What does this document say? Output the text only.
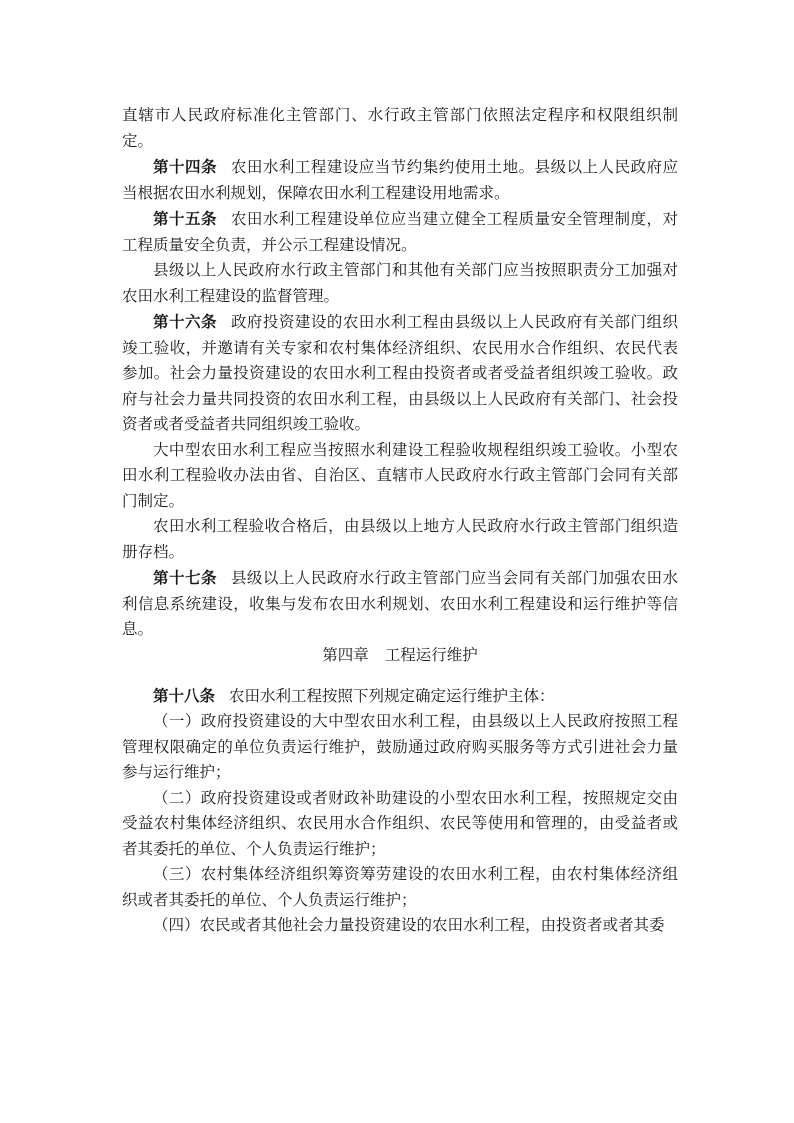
直辖市人民政府标准化主管部门、水行政主管部门依照法定程序和权限组织制定。

第十四条 农田水利工程建设应当节约集约使用土地。县级以上人民政府应当根据农田水利规划，保障农田水利工程建设用地需求。

第十五条 农田水利工程建设单位应当建立健全工程质量安全管理制度，对工程质量安全负责，并公示工程建设情况。

县级以上人民政府水行政主管部门和其他有关部门应当按照职责分工加强对农田水利工程建设的监督管理。

第十六条 政府投资建设的农田水利工程由县级以上人民政府有关部门组织竣工验收，并邀请有关专家和农村集体经济组织、农民用水合作组织、农民代表参加。社会力量投资建设的农田水利工程由投资者或者受益者组织竣工验收。政府与社会力量共同投资的农田水利工程，由县级以上人民政府有关部门、社会投资者或者受益者共同组织竣工验收。

大中型农田水利工程应当按照水利建设工程验收规程组织竣工验收。小型农田水利工程验收办法由省、自治区、直辖市人民政府水行政主管部门会同有关部门制定。

农田水利工程验收合格后，由县级以上地方人民政府水行政主管部门组织造册存档。

第十七条 县级以上人民政府水行政主管部门应当会同有关部门加强农田水利信息系统建设，收集与发布农田水利规划、农田水利工程建设和运行维护等信息。

第四章 工程运行维护

第十八条 农田水利工程按照下列规定确定运行维护主体：

（一）政府投资建设的大中型农田水利工程，由县级以上人民政府按照工程管理权限确定的单位负责运行维护，鼓励通过政府购买服务等方式引进社会力量参与运行维护；

（二）政府投资建设或者财政补助建设的小型农田水利工程，按照规定交由受益农村集体经济组织、农民用水合作组织、农民等使用和管理的，由受益者或者其委托的单位、个人负责运行维护；

（三）农村集体经济组织筹资筹劳建设的农田水利工程，由农村集体经济组织或者其委托的单位、个人负责运行维护；

（四）农民或者其他社会力量投资建设的农田水利工程，由投资者或者其委
